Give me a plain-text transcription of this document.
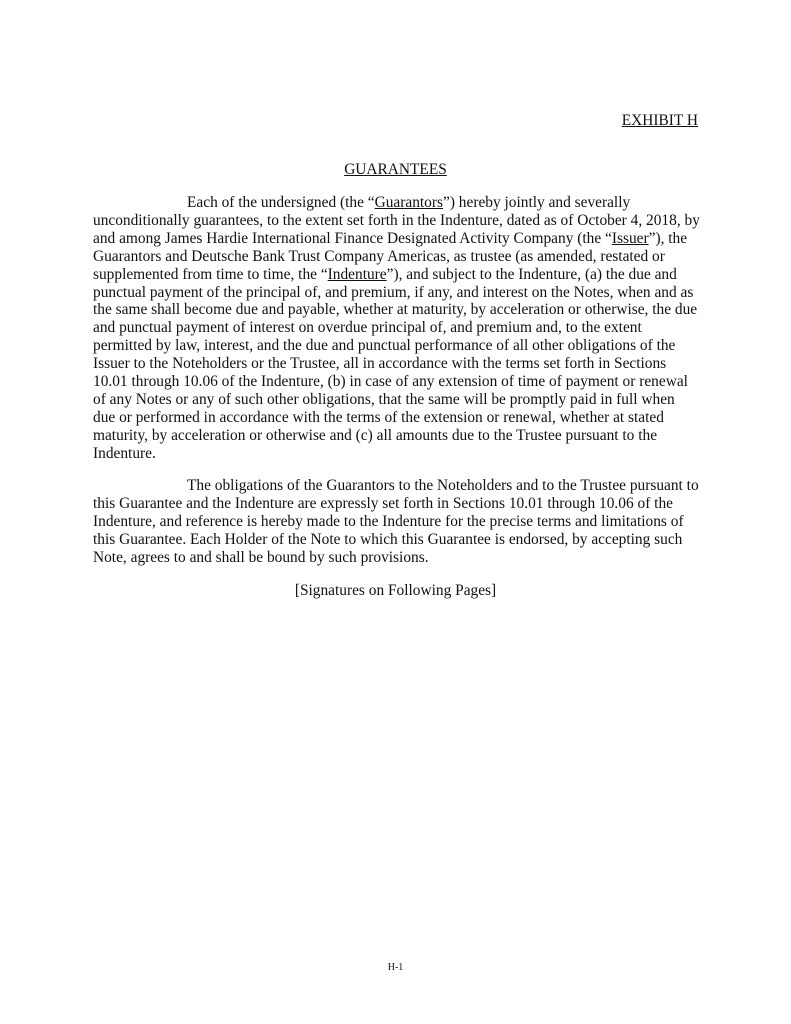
EXHIBIT H
GUARANTEES

Each of the undersigned (the “Guarantors”) hereby jointly and severally unconditionally guarantees, to the extent set forth in the Indenture, dated as of October 4, 2018, by and among James Hardie International Finance Designated Activity Company (the “Issuer”), the Guarantors and Deutsche Bank Trust Company Americas, as trustee (as amended, restated or supplemented from time to time, the “Indenture”), and subject to the Indenture, (a) the due and punctual payment of the principal of, and premium, if any, and interest on the Notes, when and as the same shall become due and payable, whether at maturity, by acceleration or otherwise, the due and punctual payment of interest on overdue principal of, and premium and, to the extent permitted by law, interest, and the due and punctual performance of all other obligations of the Issuer to the Noteholders or the Trustee, all in accordance with the terms set forth in Sections 10.01 through 10.06 of the Indenture, (b) in case of any extension of time of payment or renewal of any Notes or any of such other obligations, that the same will be promptly paid in full when due or performed in accordance with the terms of the extension or renewal, whether at stated maturity, by acceleration or otherwise and (c) all amounts due to the Trustee pursuant to the Indenture.

The obligations of the Guarantors to the Noteholders and to the Trustee pursuant to this Guarantee and the Indenture are expressly set forth in Sections 10.01 through 10.06 of the Indenture, and reference is hereby made to the Indenture for the precise terms and limitations of this Guarantee. Each Holder of the Note to which this Guarantee is endorsed, by accepting such Note, agrees to and shall be bound by such provisions.

[Signatures on Following Pages]
H-1
